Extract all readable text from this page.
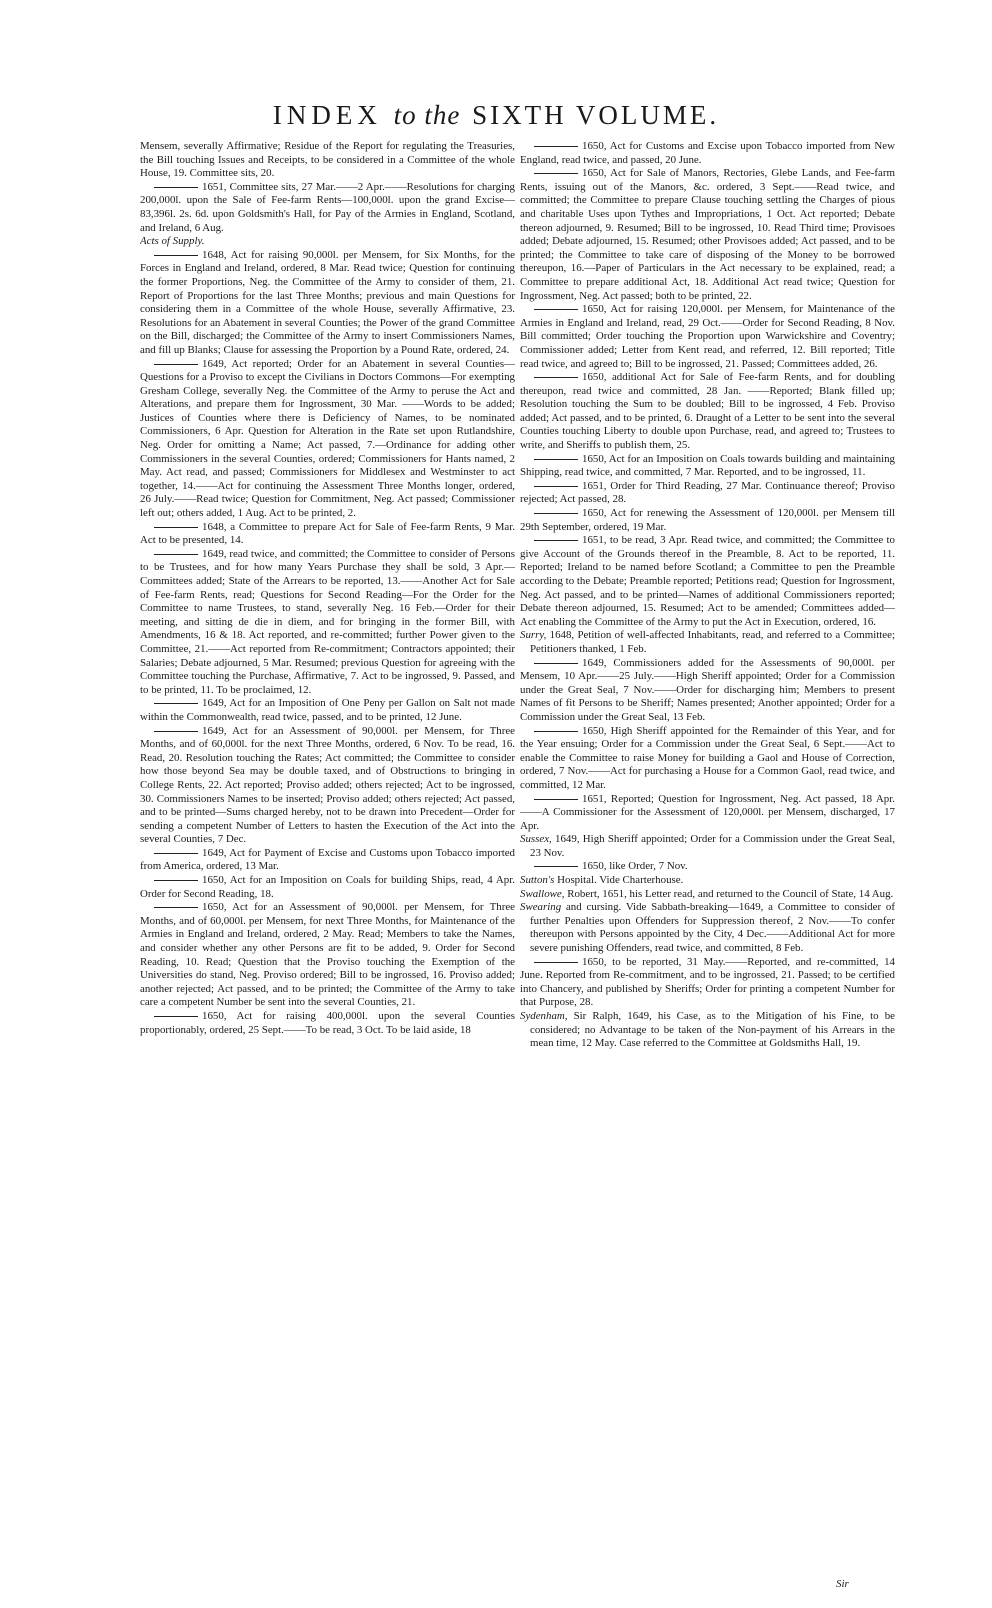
INDEX to the SIXTH VOLUME.

Mensem, severally Affirmative; Residue of the Report for regulating the Treasuries, the Bill touching Issues and Receipts, to be considered in a Committee of the whole House, 19. Committee sits, 20.

1651, Committee sits, 27 Mar.——2 Apr.——Resolutions for charging 200,000l. upon the Sale of Fee-farm Rents—100,000l. upon the grand Excise—83,396l. 2s. 6d. upon Goldsmith's Hall, for Pay of the Armies in England, Scotland, and Ireland, 6 Aug.

Acts of Supply.

1648, Act for raising 90,000l. per Mensem, for Six Months, for the Forces in England and Ireland, ordered, 8 Mar. Read twice; Question for continuing the former Proportions, Neg. the Committee of the Army to consider of them, 21. Report of Proportions for the last Three Months; previous and main Questions for considering them in a Committee of the whole House, severally Affirmative, 23. Resolutions for an Abatement in several Counties; the Power of the grand Committee on the Bill, discharged; the Committee of the Army to insert Commissioners Names, and fill up Blanks; Clause for assessing the Proportion by a Pound Rate, ordered, 24.

1649, Act reported; Order for an Abatement in several Counties—Questions for a Proviso to except the Civilians in Doctors Commons—For exempting Gresham College, severally Neg. the Committee of the Army to peruse the Act and Alterations, and prepare them for Ingrossment, 30 Mar. ——Words to be added; Justices of Counties where there is Deficiency of Names, to be nominated Commissioners, 6 Apr. Question for Alteration in the Rate set upon Rutlandshire, Neg. Order for omitting a Name; Act passed, 7.—Ordinance for adding other Commissioners in the several Counties, ordered; Commissioners for Hants named, 2 May. Act read, and passed; Commissioners for Middlesex and Westminster to act together, 14.——Act for continuing the Assessment Three Months longer, ordered, 26 July.——Read twice; Question for Commitment, Neg. Act passed; Commissioner left out; others added, 1 Aug. Act to be printed, 2.

1648, a Committee to prepare Act for Sale of Fee-farm Rents, 9 Mar. Act to be presented, 14.

1649, read twice, and committed; the Committee to consider of Persons to be Trustees, and for how many Years Purchase they shall be sold, 3 Apr.—Committees added; State of the Arrears to be reported, 13.——Another Act for Sale of Fee-farm Rents, read; Questions for Second Reading—For the Order for the Committee to name Trustees, to stand, severally Neg. 16 Feb.—Order for their meeting, and sitting de die in diem, and for bringing in the former Bill, with Amendments, 16 & 18. Act reported, and re-committed; further Power given to the Committee, 21.——Act reported from Re-commitment; Contractors appointed; their Salaries; Debate adjourned, 5 Mar. Resumed; previous Question for agreeing with the Committee touching the Purchase, Affirmative, 7. Act to be ingrossed, 9. Passed, and to be printed, 11. To be proclaimed, 12.

1649, Act for an Imposition of One Peny per Gallon on Salt not made within the Commonwealth, read twice, passed, and to be printed, 12 June.

1649, Act for an Assessment of 90,000l. per Mensem, for Three Months, and of 60,000l. for the next Three Months, ordered, 6 Nov. To be read, 16. Read, 20. Resolution touching the Rates; Act committed; the Committee to consider how those beyond Sea may be double taxed, and of Obstructions to bringing in College Rents, 22. Act reported; Proviso added; others rejected; Act to be ingrossed, 30. Commissioners Names to be inserted; Proviso added; others rejected; Act passed, and to be printed—Sums charged hereby, not to be drawn into Precedent—Order for sending a competent Number of Letters to hasten the Execution of the Act into the several Counties, 7 Dec.

1649, Act for Payment of Excise and Customs upon Tobacco imported from America, ordered, 13 Mar.

1650, Act for an Imposition on Coals for building Ships, read, 4 Apr. Order for Second Reading, 18.

1650, Act for an Assessment of 90,000l. per Mensem, for Three Months, and of 60,000l. per Mensem, for next Three Months, for Maintenance of the Armies in England and Ireland, ordered, 2 May. Read; Members to take the Names, and consider whether any other Persons are fit to be added, 9. Order for Second Reading, 10. Read; Question that the Proviso touching the Exemption of the Universities do stand, Neg. Proviso ordered; Bill to be ingrossed, 16. Proviso added; another rejected; Act passed, and to be printed; the Committee of the Army to take care a competent Number be sent into the several Counties, 21.

1650, Act for raising 400,000l. upon the several Counties proportionably, ordered, 25 Sept.——To be read, 3 Oct. To be laid aside, 18

1650, Act for Customs and Excise upon Tobacco imported from New England, read twice, and passed, 20 June.

1650, Act for Sale of Manors, Rectories, Glebe Lands, and Fee-farm Rents, issuing out of the Manors, &c. ordered, 3 Sept.——Read twice, and committed; the Committee to prepare Clause touching settling the Charges of pious and charitable Uses upon Tythes and Impropriations, 1 Oct. Act reported; Debate thereon adjourned, 9. Resumed; Bill to be ingrossed, 10. Read Third time; Provisoes added; Debate adjourned, 15. Resumed; other Provisoes added; Act passed, and to be printed; the Committee to take care of disposing of the Money to be borrowed thereupon, 16.—Paper of Particulars in the Act necessary to be explained, read; a Committee to prepare additional Act, 18. Additional Act read twice; Question for Ingrossment, Neg. Act passed; both to be printed, 22.

1650, Act for raising 120,000l. per Mensem, for Maintenance of the Armies in England and Ireland, read, 29 Oct.——Order for Second Reading, 8 Nov. Bill committed; Order touching the Proportion upon Warwickshire and Coventry; Commissioner added; Letter from Kent read, and referred, 12. Bill reported; Title read twice, and agreed to; Bill to be ingrossed, 21. Passed; Committees added, 26.

1650, additional Act for Sale of Fee-farm Rents, and for doubling thereupon, read twice and committed, 28 Jan. ——Reported; Blank filled up; Resolution touching the Sum to be doubled; Bill to be ingrossed, 4 Feb. Proviso added; Act passed, and to be printed, 6. Draught of a Letter to be sent into the several Counties touching Liberty to double upon Purchase, read, and agreed to; Trustees to write, and Sheriffs to publish them, 25.

1650, Act for an Imposition on Coals towards building and maintaining Shipping, read twice, and committed, 7 Mar. Reported, and to be ingrossed, 11.

1651, Order for Third Reading, 27 Mar. Continuance thereof; Proviso rejected; Act passed, 28.

1650, Act for renewing the Assessment of 120,000l. per Mensem till 29th September, ordered, 19 Mar.

1651, to be read, 3 Apr. Read twice, and committed; the Committee to give Account of the Grounds thereof in the Preamble, 8. Act to be reported, 11. Reported; Ireland to be named before Scotland; a Committee to pen the Preamble according to the Debate; Preamble reported; Petitions read; Question for Ingrossment, Neg. Act passed, and to be printed—Names of additional Commissioners reported; Debate thereon adjourned, 15. Resumed; Act to be amended; Committees added—Act enabling the Committee of the Army to put the Act in Execution, ordered, 16.

Surry, 1648, Petition of well-affected Inhabitants, read, and referred to a Committee; Petitioners thanked, 1 Feb.

1649, Commissioners added for the Assessments of 90,000l. per Mensem, 10 Apr.——25 July.——High Sheriff appointed; Order for a Commission under the Great Seal, 7 Nov.——Order for discharging him; Members to present Names of fit Persons to be Sheriff; Names presented; Another appointed; Order for a Commission under the Great Seal, 13 Feb.

1650, High Sheriff appointed for the Remainder of this Year, and for the Year ensuing; Order for a Commission under the Great Seal, 6 Sept.——Act to enable the Committee to raise Money for building a Gaol and House of Correction, ordered, 7 Nov.——Act for purchasing a House for a Common Gaol, read twice, and committed, 12 Mar.

1651, Reported; Question for Ingrossment, Neg. Act passed, 18 Apr.——A Commissioner for the Assessment of 120,000l. per Mensem, discharged, 17 Apr.

Sussex, 1649, High Sheriff appointed; Order for a Commission under the Great Seal, 23 Nov.

1650, like Order, 7 Nov.

Sutton's Hospital. Vide Charterhouse.

Swallowe, Robert, 1651, his Letter read, and returned to the Council of State, 14 Aug.

Swearing and cursing. Vide Sabbath-breaking—1649, a Committee to consider of further Penalties upon Offenders for Suppression thereof, 2 Nov.——To confer thereupon with Persons appointed by the City, 4 Dec.——Additional Act for more severe punishing Offenders, read twice, and committed, 8 Feb.

1650, to be reported, 31 May.——Reported, and re-committed, 14 June. Reported from Re-commitment, and to be ingrossed, 21. Passed; to be certified into Chancery, and published by Sheriffs; Order for printing a competent Number for that Purpose, 28.

Sydenham, Sir Ralph, 1649, his Case, as to the Mitigation of his Fine, to be considered; no Advantage to be taken of the Non-payment of his Arrears in the mean time, 12 May. Case referred to the Committee at Goldsmiths Hall, 19.

Sir
